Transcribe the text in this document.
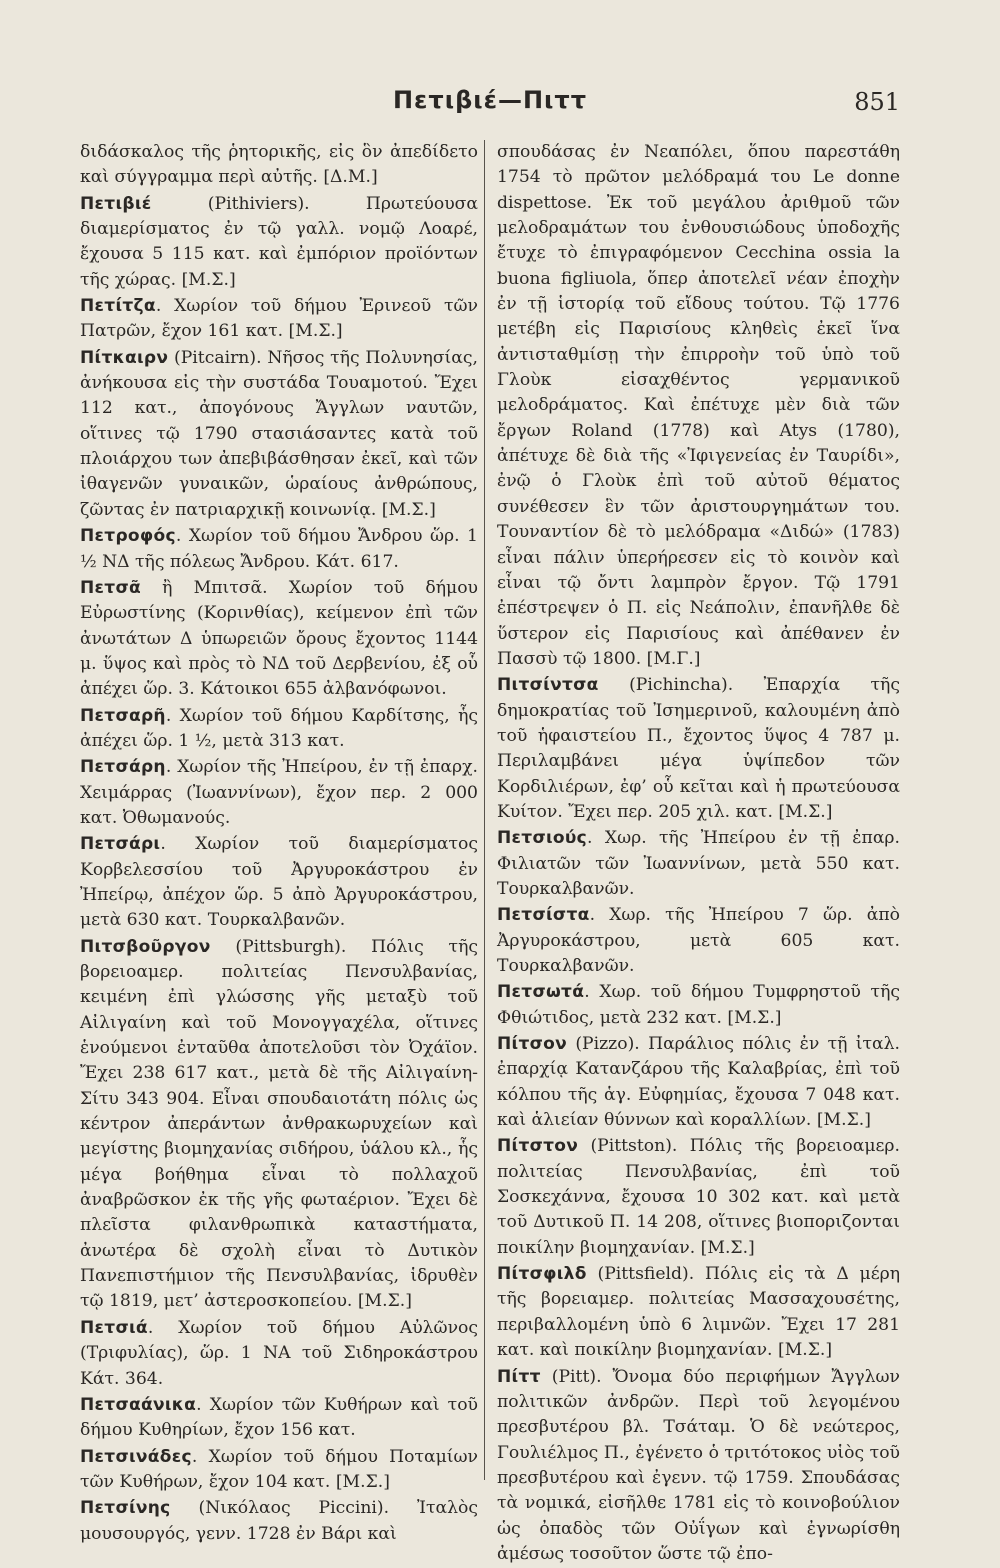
Πετιβιέ—Πιττ	851
διδάσκαλος τῆς ῥητορικῆς, εἰς ὃν ἀπεδίδετο καὶ σύγγραμμα περὶ αὐτῆς. [Δ.Μ.]
Πετιβιέ (Pithiviers). Πρωτεύουσα διαμερίσματος ἐν τῷ γαλλ. νομῷ Λοαρέ, ἔχουσα 5 115 κατ. καὶ ἐμπόριον προϊόντων τῆς χώρας. [Μ.Σ.]
Πετίτζα. Χωρίον τοῦ δήμου Ἐρινεοῦ τῶν Πατρῶν, ἔχον 161 κατ. [Μ.Σ.]
Πίτκαιρν (Pitcairn). Νῆσος τῆς Πολυνησίας, ἀνήκουσα εἰς τὴν συστάδα Τουαμοτού. Ἔχει 112 κατ., ἀπογόνους Ἄγγλων ναυτῶν, οἵτινες τῷ 1790 στασιάσαντες κατὰ τοῦ πλοιάρχου των ἀπεβιβάσθησαν ἐκεῖ, καὶ τῶν ἰθαγενῶν γυναικῶν, ὡραίους ἀνθρώπους, ζῶντας ἐν πατριαρχικῇ κοινωνίᾳ. [Μ.Σ.]
Πετροφός. Χωρίον τοῦ δήμου Ἄνδρου ὥρ. 1 ½ ΝΔ τῆς πόλεως Ἄνδρου. Κάτ. 617.
Πετσᾶ ἢ Μπιτσᾶ. Χωρίον τοῦ δήμου Εὐρωστίνης (Κορινθίας), κείμενον ἐπὶ τῶν ἀνωτάτων Δ ὑπωρειῶν ὄρους ἔχοντος 1144 μ. ὕψος καὶ πρὸς τὸ ΝΔ τοῦ Δερβενίου, ἐξ οὗ ἀπέχει ὥρ. 3. Κάτοικοι 655 ἀλβανόφωνοι.
Πετσαρῆ. Χωρίον τοῦ δήμου Καρδίτσης, ἧς ἀπέχει ὥρ. 1 ½, μετὰ 313 κατ.
Πετσάρη. Χωρίον τῆς Ἠπείρου, ἐν τῇ ἐπαρχ. Χειμάρρας (Ἰωαννίνων), ἔχον περ. 2 000 κατ. Ὀθωμανούς.
Πετσάρι. Χωρίον τοῦ διαμερίσματος Κορβελεσσίου τοῦ Ἀργυροκάστρου ἐν Ἠπείρῳ, ἀπέχον ὥρ. 5 ἀπὸ Ἀργυροκάστρου, μετὰ 630 κατ. Τουρκαλβανῶν.
Πιτσβοῦργον (Pittsburgh). Πόλις τῆς βορειοαμερ. πολιτείας Πενσυλβανίας, κειμένη ἐπὶ γλώσσης γῆς μεταξὺ τοῦ Αἰλιγαίνη καὶ τοῦ Μονογγαχέλα, οἵτινες ἑνούμενοι ἐνταῦθα ἀποτελοῦσι τὸν Ὀχάϊον. Ἔχει 238 617 κατ., μετὰ δὲ τῆς Αἰλιγαίνη-Σίτυ 343 904. Εἶναι σπουδαιοτάτη πόλις ὡς κέντρον ἀπεράντων ἀνθρακωρυχείων καὶ μεγίστης βιομηχανίας σιδήρου, ὑάλου κλ., ἧς μέγα βοήθημα εἶναι τὸ πολλαχοῦ ἀναβρῶσκον ἐκ τῆς γῆς φωταέριον. Ἔχει δὲ πλεῖστα φιλανθρωπικὰ καταστήματα, ἀνωτέρα δὲ σχολὴ εἶναι τὸ Δυτικὸν Πανεπιστήμιον τῆς Πενσυλβανίας, ἱδρυθὲν τῷ 1819, μετ’ ἀστεροσκοπείου. [Μ.Σ.]
Πετσιά. Χωρίον τοῦ δήμου Αὐλῶνος (Τριφυλίας), ὥρ. 1 ΝΑ τοῦ Σιδηροκάστρου Κάτ. 364.
Πετσαάνικα. Χωρίον τῶν Κυθήρων καὶ τοῦ δήμου Κυθηρίων, ἔχον 156 κατ.
Πετσινάδες. Χωρίον τοῦ δήμου Ποταμίων τῶν Κυθήρων, ἔχον 104 κατ. [Μ.Σ.]
Πετσίνης (Νικόλαος Piccini). Ἰταλὸς μουσουργός, γενν. 1728 ἐν Βάρι καὶ
σπουδάσας ἐν Νεαπόλει, ὅπου παρεστάθη 1754 τὸ πρῶτον μελόδραμά του Le donne dispettose. Ἐκ τοῦ μεγάλου ἀριθμοῦ τῶν μελοδραμάτων του ἐνθουσιώδους ὑποδοχῆς ἔτυχε τὸ ἐπιγραφόμενον Cecchina ossia la buona figliuola, ὅπερ ἀποτελεῖ νέαν ἐποχὴν ἐν τῇ ἱστορίᾳ τοῦ εἴδους τούτου. Τῷ 1776 μετέβη εἰς Παρισίους κληθεὶς ἐκεῖ ἵνα ἀντισταθμίσῃ τὴν ἐπιρροὴν τοῦ ὑπὸ τοῦ Γλοὺκ εἰσαχθέντος γερμανικοῦ μελοδράματος. Καὶ ἐπέτυχε μὲν διὰ τῶν ἔργων Roland (1778) καὶ Atys (1780), ἀπέτυχε δὲ διὰ τῆς «Ἰφιγενείας ἐν Ταυρίδι», ἐνῷ ὁ Γλοὺκ ἐπὶ τοῦ αὐτοῦ θέματος συνέθεσεν ἓν τῶν ἀριστουργημάτων του. Τουναντίον δὲ τὸ μελόδραμα «Διδώ» (1783) εἶναι πάλιν ὑπερήρεσεν εἰς τὸ κοινὸν καὶ εἶναι τῷ ὄντι λαμπρὸν ἔργον. Τῷ 1791 ἐπέστρεψεν ὁ Π. εἰς Νεάπολιν, ἐπανῆλθε δὲ ὕστερον εἰς Παρισίους καὶ ἀπέθανεν ἐν Πασσὺ τῷ 1800. [Μ.Γ.]
Πιτσίντσα (Pichincha). Ἐπαρχία τῆς δημοκρατίας τοῦ Ἰσημερινοῦ, καλουμένη ἀπὸ τοῦ ἡφαιστείου Π., ἔχοντος ὕψος 4 787 μ. Περιλαμβάνει μέγα ὑψίπεδον τῶν Κορδιλιέρων, ἐφ’ οὗ κεῖται καὶ ἡ πρωτεύουσα Κυίτον. Ἔχει περ. 205 χιλ. κατ. [Μ.Σ.]
Πετσιούς. Χωρ. τῆς Ἠπείρου ἐν τῇ ἐπαρ. Φιλιατῶν τῶν Ἰωαννίνων, μετὰ 550 κατ. Τουρκαλβανῶν.
Πετσίστα. Χωρ. τῆς Ἠπείρου 7 ὥρ. ἀπὸ Ἀργυροκάστρου, μετὰ 605 κατ. Τουρκαλβανῶν.
Πετσωτά. Χωρ. τοῦ δήμου Τυμφρηστοῦ τῆς Φθιώτιδος, μετὰ 232 κατ. [Μ.Σ.]
Πίτσον (Pizzo). Παράλιος πόλις ἐν τῇ ἰταλ. ἐπαρχίᾳ Κατανζάρου τῆς Καλαβρίας, ἐπὶ τοῦ κόλπου τῆς ἁγ. Εὐφημίας, ἔχουσα 7 048 κατ. καὶ ἁλιείαν θύννων καὶ κοραλλίων. [Μ.Σ.]
Πίτστον (Pittston). Πόλις τῆς βορειοαμερ. πολιτείας Πενσυλβανίας, ἐπὶ τοῦ Σοσκεχάννα, ἔχουσα 10 302 κατ. καὶ μετὰ τοῦ Δυτικοῦ Π. 14 208, οἵτινες βιοποριζονται ποικίλην βιομηχανίαν. [Μ.Σ.]
Πίτσφιλδ (Pittsfield). Πόλις εἰς τὰ Δ μέρη τῆς βορειαμερ. πολιτείας Μασσαχουσέτης, περιβαλλομένη ὑπὸ 6 λιμνῶν. Ἔχει 17 281 κατ. καὶ ποικίλην βιομηχανίαν. [Μ.Σ.]
Πίττ (Pitt). Ὄνομα δύο περιφήμων Ἄγγλων πολιτικῶν ἀνδρῶν. Περὶ τοῦ λεγομένου πρεσβυτέρου βλ. Τσάταμ. Ὁ δὲ νεώτερος, Γουλιέλμος Π., ἐγένετο ὁ τριτότοκος υἱὸς τοῦ πρεσβυτέρου καὶ ἐγενν. τῷ 1759. Σπουδάσας τὰ νομικά, εἰσῆλθε 1781 εἰς τὸ κοινοβούλιον ὡς ὀπαδὸς τῶν Οὐΐγων καὶ ἐγνωρίσθη ἀμέσως τοσοῦτον ὥστε τῷ ἐπο-
